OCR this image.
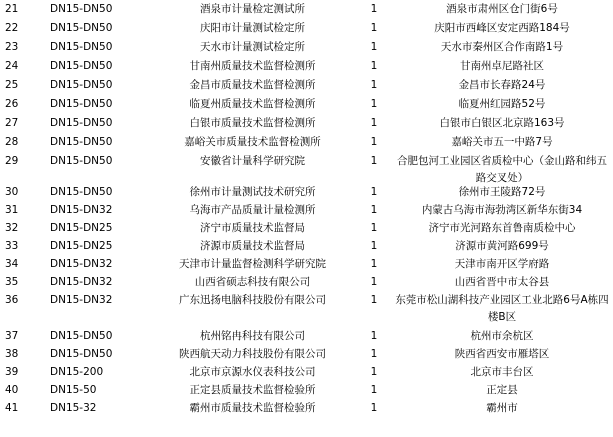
21	DN15-DN50	酒泉市计量检定测试所	1	酒泉市肃州区仓门街6号
22	DN15-DN50	庆阳市计量测试检定所	1	庆阳市西峰区安定西路184号
23	DN15-DN50	天水市计量测试检定所	1	天水市秦州区合作南路1号
24	DN15-DN50	甘南州质量技术监督检测所	1	甘南州卓尼路社区
25	DN15-DN50	金昌市质量技术监督检测所	1	金昌市长春路24号
26	DN15-DN50	临夏州质量技术监督检测所	1	临夏州红园路52号
27	DN15-DN50	白银市质量技术监督检测所	1	白银市白银区北京路163号
28	DN15-DN50	嘉峪关市质量技术监督检测所	1	嘉峪关市五一中路7号
29	DN15-DN50	安徽省计量科学研究院	1	合肥包河工业园区省质检中心（金山路和纬五路交叉处）
30	DN15-DN50	徐州市计量测试技术研究所	1	徐州市王陵路72号
31	DN15-DN32	乌海市产品质量计量检测所	1	内蒙古乌海市海勃湾区新华东街34
32	DN15-DN25	济宁市质量技术监督局	1	济宁市光河路东首鲁南质检中心
33	DN15-DN25	济源市质量技术监督局	1	济源市黄河路699号
34	DN15-DN32	天津市计量监督检测科学研究院	1	天津市南开区学府路
35	DN15-DN32	山西省硕志科技有限公司	1	山西省晋中市太谷县
36	DN15-DN32	广东迅扬电脑科技股份有限公司	1	东莞市松山湖科技产业园区工业北路6号A栋四楼B区
37	DN15-DN50	杭州铭冉科技有限公司	1	杭州市余杭区
38	DN15-DN50	陕西航天动力科技股份有限公司	1	陕西省西安市雁塔区
39	DN15-200	北京市京源水仪表科技公司	1	北京市丰台区
40	DN15-50	正定县质量技术监督检验所	1	正定县
41	DN15-32	霸州市质量技术监督检验所	1	霸州市
